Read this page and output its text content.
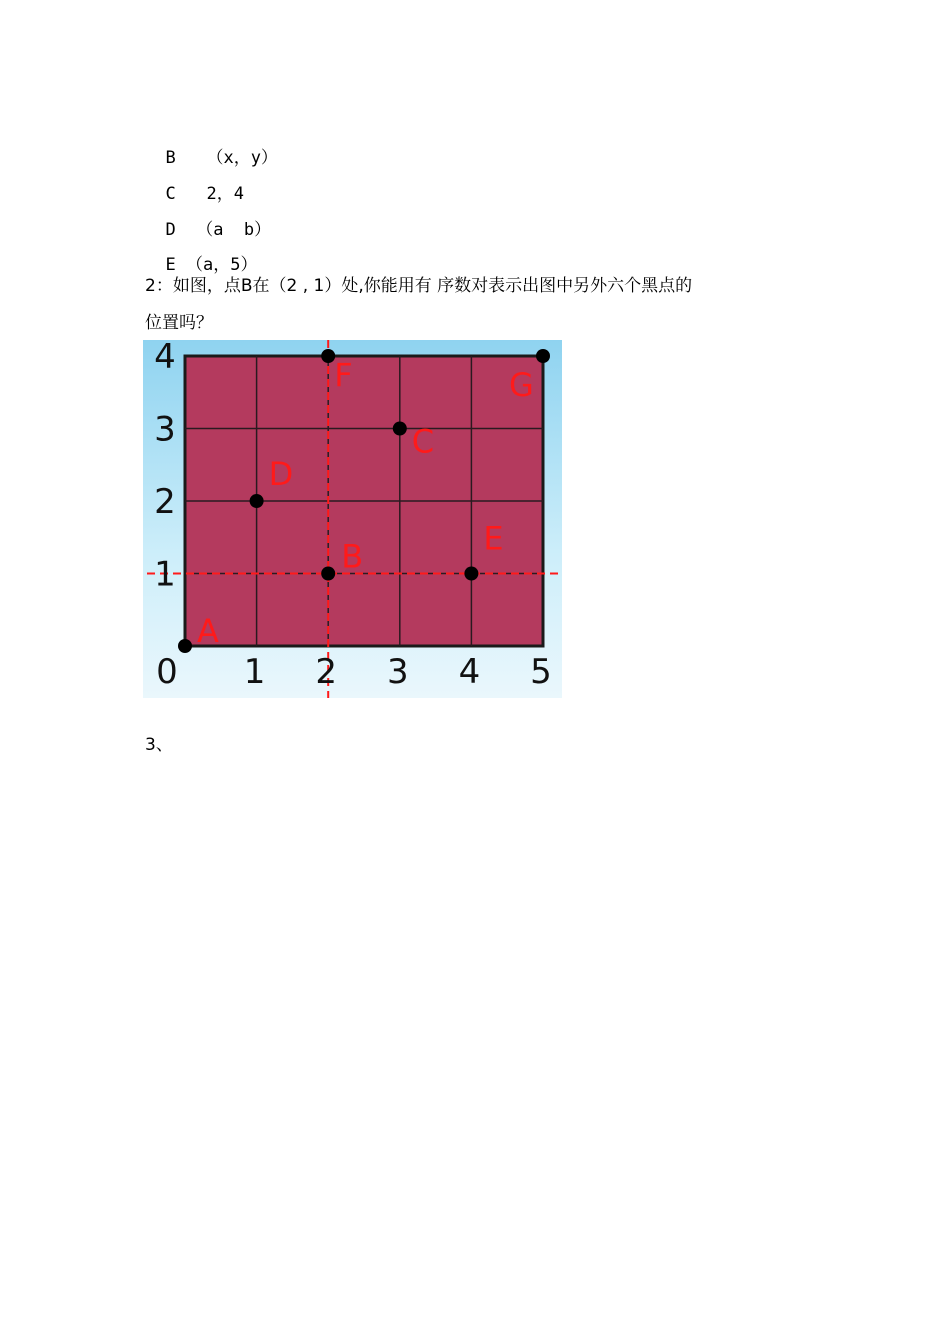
B （x，y）

C 2，4

D （a  b）

E （a，5）

2：如图，点B在（2 , 1）处,你能用有 序数对表示出图中另外六个黑点的
位置吗？
0 1 2 3 4 5
1
2
3
4
A
B
C
D
E
F	G
3、
